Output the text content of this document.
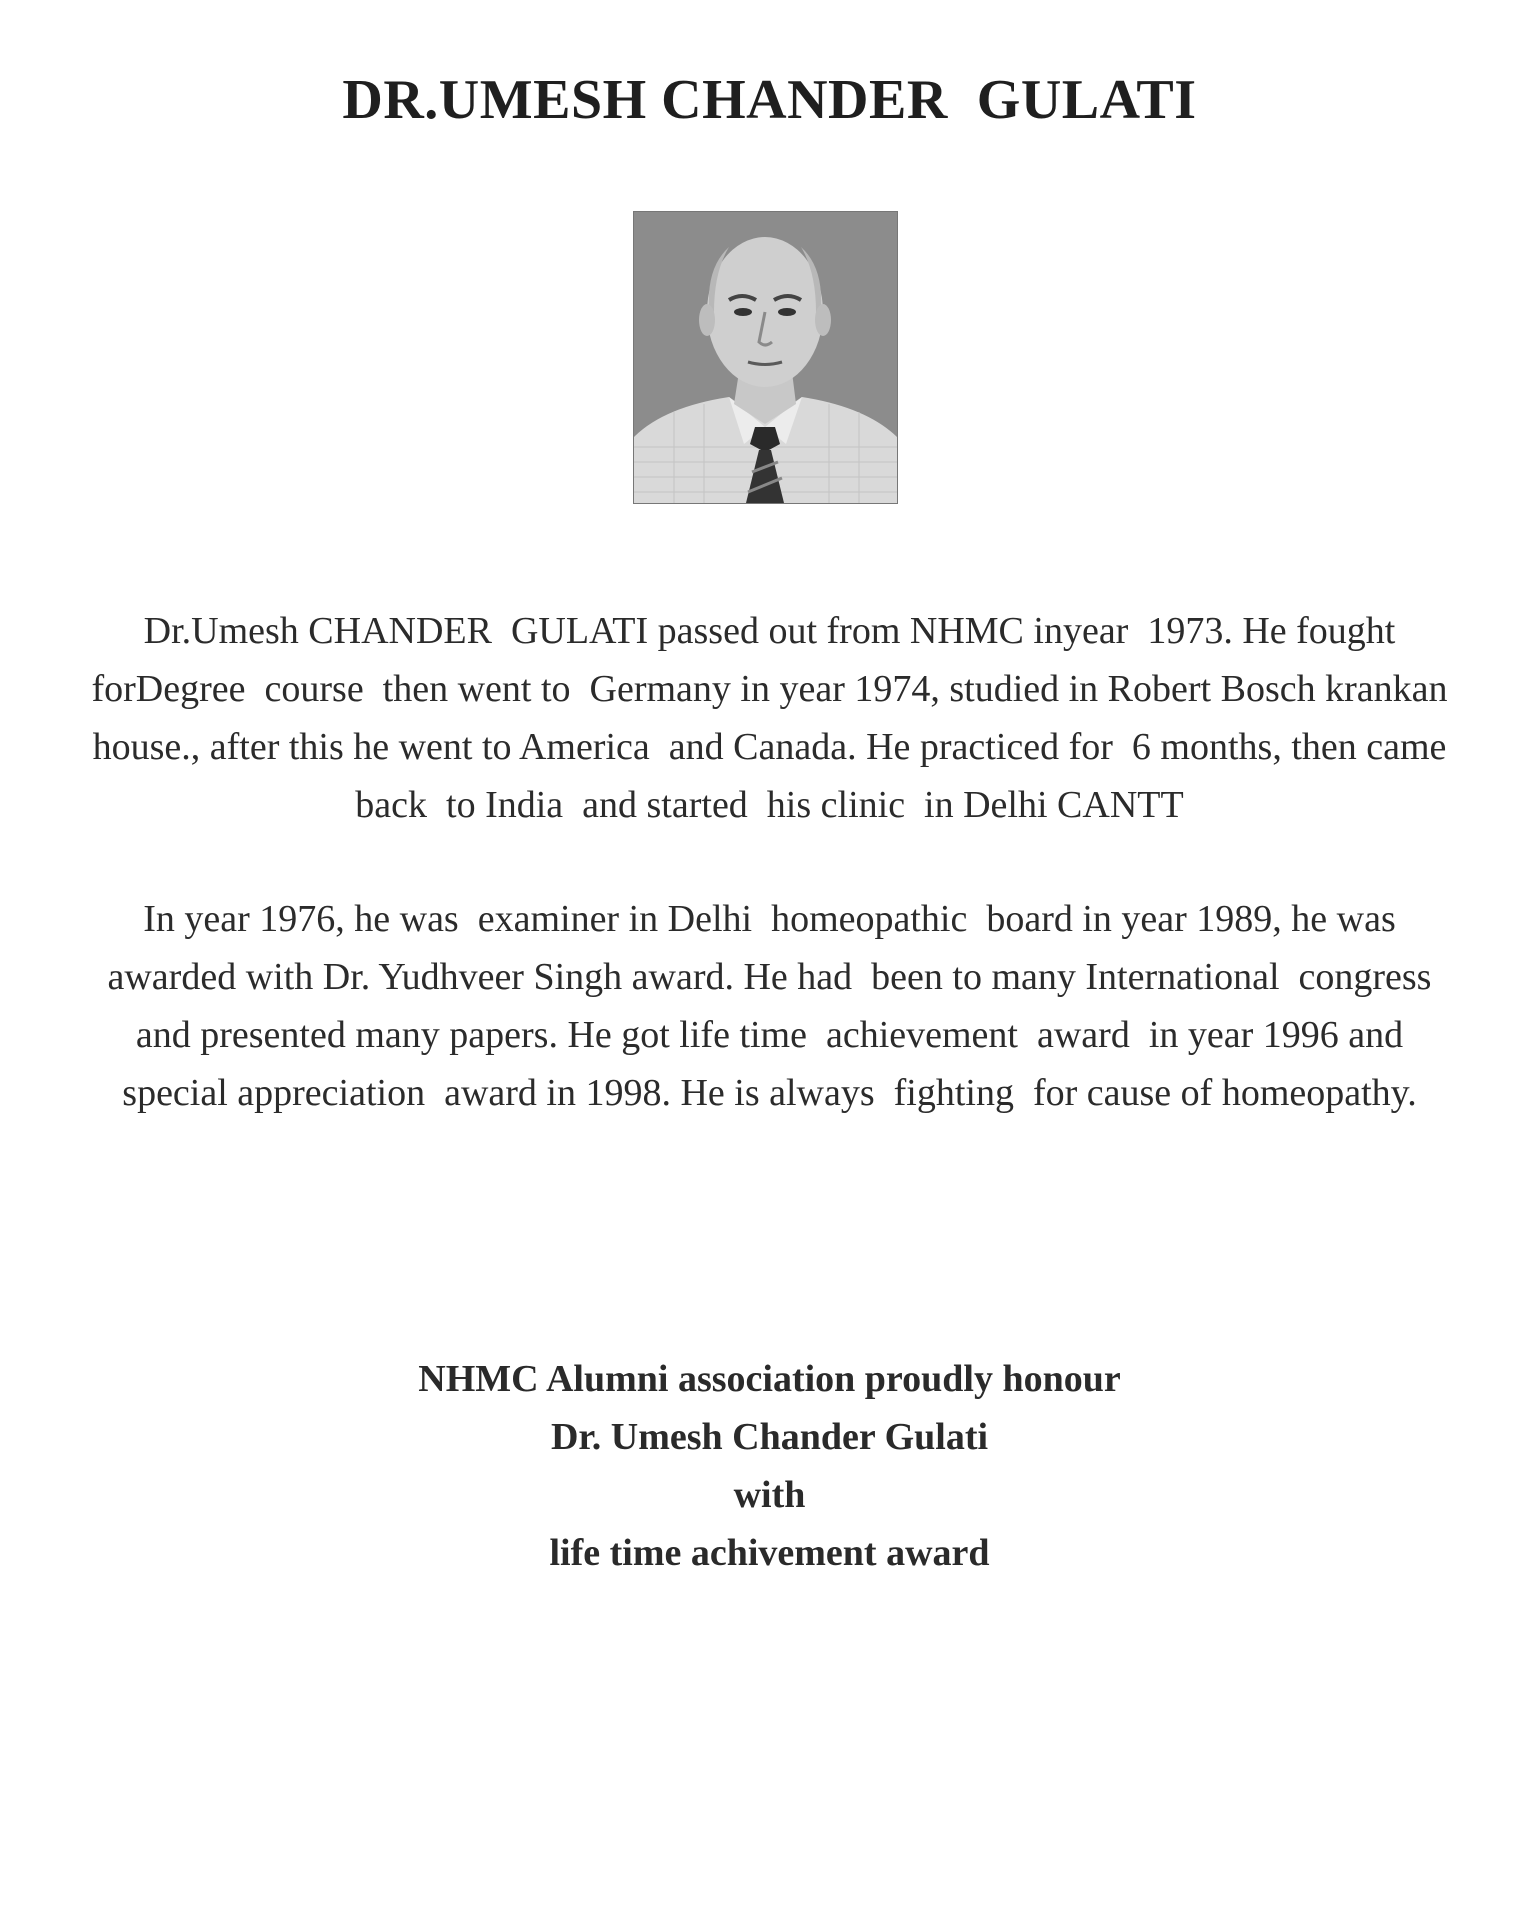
DR.UMESH CHANDER  GULATI
Dr.Umesh CHANDER  GULATI passed out from NHMC inyear  1973. He fought
forDegree  course  then went to  Germany in year 1974, studied in Robert Bosch krankan
house., after this he went to America  and Canada. He practiced for  6 months, then came
back  to India  and started  his clinic  in Delhi CANTT
In year 1976, he was  examiner in Delhi  homeopathic  board in year 1989, he was
awarded with Dr. Yudhveer Singh award. He had  been to many International  congress
and presented many papers. He got life time  achievement  award  in year 1996 and
special appreciation  award in 1998. He is always  fighting  for cause of homeopathy.
NHMC Alumni association proudly honour
Dr. Umesh Chander Gulati
with
life time achivement award
